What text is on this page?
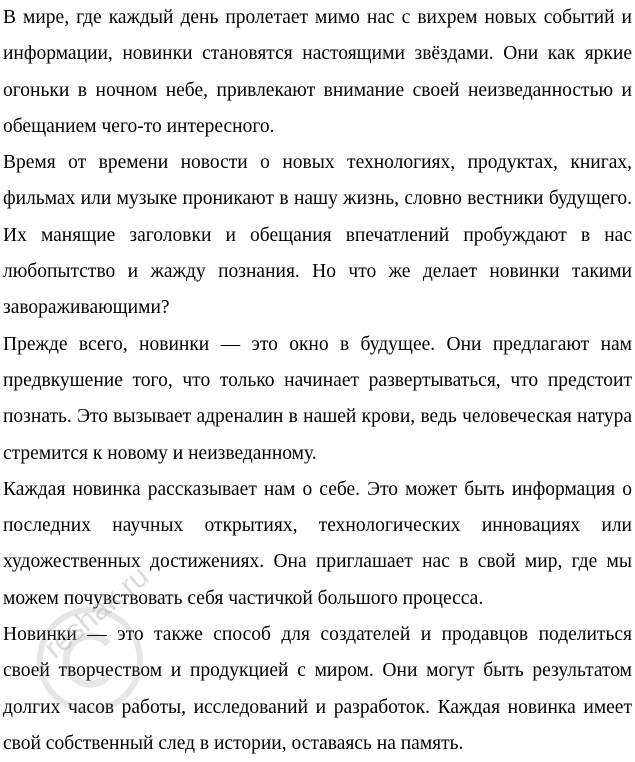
В мире, где каждый день пролетает мимо нас с вихрем новых событий и информации, новинки становятся настоящими звёздами. Они как яркие огоньки в ночном небе, привлекают внимание своей неизведанностью и обещанием чего-то интересного.

Время от времени новости о новых технологиях, продуктах, книгах, фильмах или музыке проникают в нашу жизнь, словно вестники будущего. Их манящие заголовки и обещания впечатлений пробуждают в нас любопытство и жажду познания. Но что же делает новинки такими завораживающими?

Прежде всего, новинки — это окно в будущее. Они предлагают нам предвкушение того, что только начинает развертываться, что предстоит познать. Это вызывает адреналин в нашей крови, ведь человеческая натура стремится к новому и неизведанному.

Каждая новинка рассказывает нам о себе. Это может быть информация о последних научных открытиях, технологических инновациях или художественных достижениях. Она приглашает нас в свой мир, где мы можем почувствовать себя частичкой большого процесса.

Новинки — это также способ для создателей и продавцов поделиться своей творчеством и продукцией с миром. Они могут быть результатом долгих часов работы, исследований и разработок. Каждая новинка имеет свой собственный след в истории, оставаясь на память.

reshak.ru
